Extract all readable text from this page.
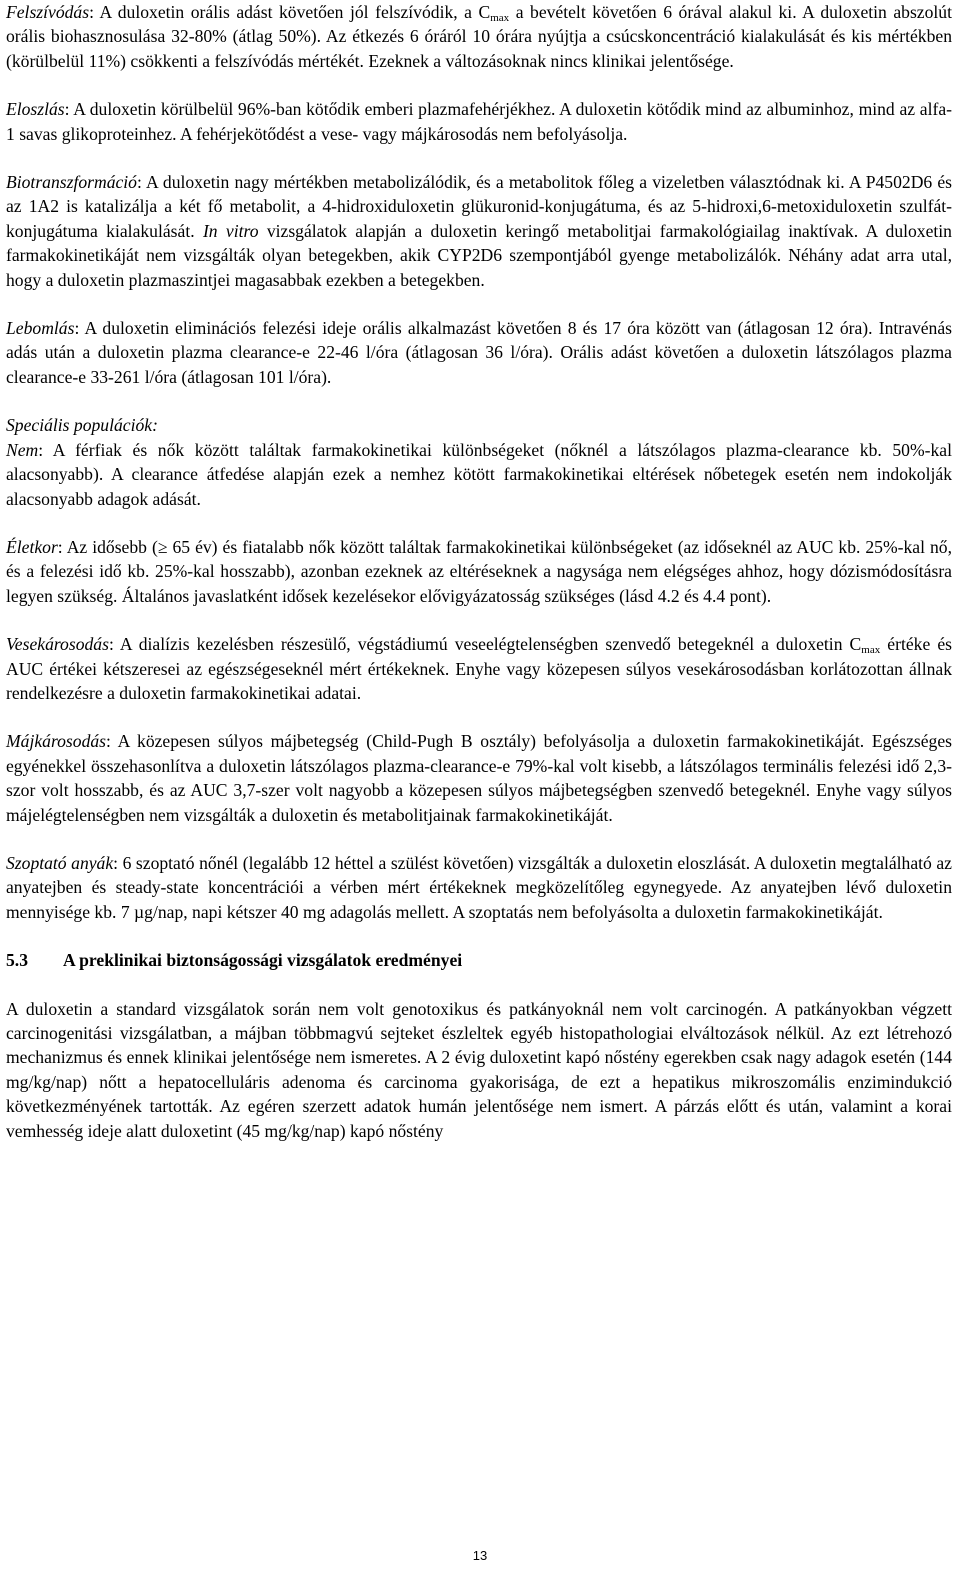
Felszívódás: A duloxetin orális adást követően jól felszívódik, a $C_{max}$ a bevételt követően 6 órával alakul ki. A duloxetin abszolút orális biohasznosulása 32-80% (átlag 50%). Az étkezés 6 óráról 10 órára nyújtja a csúcskoncentráció kialakulását és kis mértékben (körülbelül 11%) csökkenti a felszívódás mértékét. Ezeknek a változásoknak nincs klinikai jelentősége.

Eloszlás: A duloxetin körülbelül 96%-ban kötődik emberi plazmafehérjékhez. A duloxetin kötődik mind az albuminhoz, mind az alfa-1 savas glikoproteinhez. A fehérjekötődést a vese- vagy májkárosodás nem befolyásolja.

Biotranszformáció: A duloxetin nagy mértékben metabolizálódik, és a metabolitok főleg a vizeletben választódnak ki. A P4502D6 és az 1A2 is katalizálja a két fő metabolit, a 4-hidroxiduloxetin glükuronid-konjugátuma, és az 5-hidroxi,6-metoxiduloxetin szulfát-konjugátuma kialakulását. In vitro vizsgálatok alapján a duloxetin keringő metabolitjai farmakológiailag inaktívak. A duloxetin farmakokinetikáját nem vizsgálták olyan betegekben, akik CYP2D6 szempontjából gyenge metabolizálók. Néhány adat arra utal, hogy a duloxetin plazmaszintjei magasabbak ezekben a betegekben.

Lebomlás: A duloxetin eliminációs felezési ideje orális alkalmazást követően 8 és 17 óra között van (átlagosan 12 óra). Intravénás adás után a duloxetin plazma clearance-e 22-46 l/óra (átlagosan 36 l/óra). Orális adást követően a duloxetin látszólagos plazma clearance-e 33-261 l/óra (átlagosan 101 l/óra).

Speciális populációk:
Nem: A férfiak és nők között találtak farmakokinetikai különbségeket (nőknél a látszólagos plazma-clearance kb. 50%-kal alacsonyabb). A clearance átfedése alapján ezek a nemhez kötött farmakokinetikai eltérések nőbetegek esetén nem indokolják alacsonyabb adagok adását.

Életkor: Az idősebb (≥ 65 év) és fiatalabb nők között találtak farmakokinetikai különbségeket (az időseknél az AUC kb. 25%-kal nő, és a felezési idő kb. 25%-kal hosszabb), azonban ezeknek az eltéréseknek a nagysága nem elégséges ahhoz, hogy dózismódosításra legyen szükség. Általános javaslatként idősek kezelésekor elővigyázatosság szükséges (lásd 4.2 és 4.4 pont).

Vesekárosodás: A dialízis kezelésben részesülő, végstádiumú veseelégtelenségben szenvedő betegeknél a duloxetin $C_{max}$ értéke és AUC értékei kétszeresei az egészségeseknél mért értékeknek. Enyhe vagy közepesen súlyos vesekárosodásban korlátozottan állnak rendelkezésre a duloxetin farmakokinetikai adatai.

Májkárosodás: A közepesen súlyos májbetegség (Child-Pugh B osztály) befolyásolja a duloxetin farmakokinetikáját. Egészséges egyénekkel összehasonlítva a duloxetin látszólagos plazma-clearance-e 79%-kal volt kisebb, a látszólagos terminális felezési idő 2,3-szor volt hosszabb, és az AUC 3,7-szer volt nagyobb a közepesen súlyos májbetegségben szenvedő betegeknél. Enyhe vagy súlyos májelégtelenségben nem vizsgálták a duloxetin és metabolitjainak farmakokinetikáját.

Szoptató anyák: 6 szoptató nőnél (legalább 12 héttel a szülést követően) vizsgálták a duloxetin eloszlását. A duloxetin megtalálható az anyatejben és steady-state koncentrációi a vérben mért értékeknek megközelítőleg egynegyede. Az anyatejben lévő duloxetin mennyisége kb. 7 µg/nap, napi kétszer 40 mg adagolás mellett. A szoptatás nem befolyásolta a duloxetin farmakokinetikáját.

5.3	A preklinikai biztonságossági vizsgálatok eredményei

A duloxetin a standard vizsgálatok során nem volt genotoxikus és patkányoknál nem volt carcinogén. A patkányokban végzett carcinogenitási vizsgálatban, a májban többmagvú sejteket észleltek egyéb histopathologiai elváltozások nélkül. Az ezt létrehozó mechanizmus és ennek klinikai jelentősége nem ismeretes. A 2 évig duloxetint kapó nőstény egerekben csak nagy adagok esetén (144 mg/kg/nap) nőtt a hepatocelluláris adenoma és carcinoma gyakorisága, de ezt a hepatikus mikroszomális enzimindukció következményének tartották. Az egéren szerzett adatok humán jelentősége nem ismert. A párzás előtt és után, valamint a korai vemhesség ideje alatt duloxetint (45 mg/kg/nap) kapó nőstény

13
